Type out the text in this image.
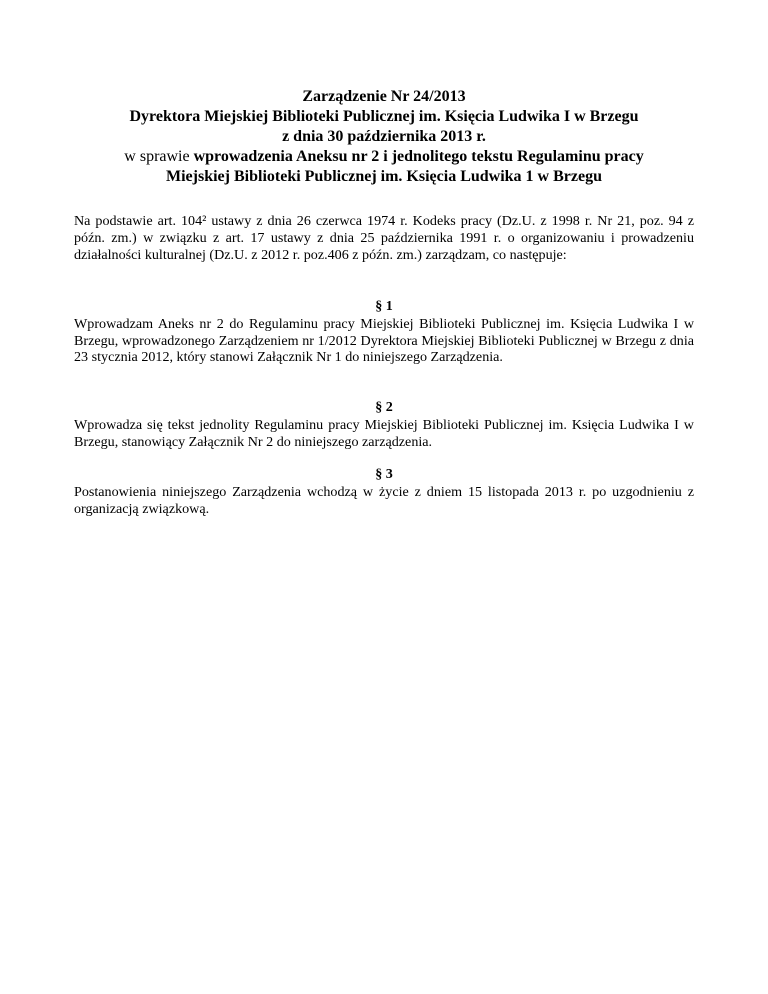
Zarządzenie Nr 24/2013
Dyrektora Miejskiej Biblioteki Publicznej im. Księcia Ludwika I w Brzegu
z dnia 30 października 2013 r.
w sprawie wprowadzenia Aneksu nr 2 i jednolitego tekstu Regulaminu pracy
Miejskiej Biblioteki Publicznej im. Księcia Ludwika 1 w Brzegu

Na podstawie art. 104² ustawy z dnia 26 czerwca 1974 r. Kodeks pracy (Dz.U. z 1998 r. Nr 21, poz. 94 z późn. zm.) w związku z art. 17 ustawy z dnia 25 października 1991 r. o organizowaniu i prowadzeniu działalności kulturalnej (Dz.U. z 2012 r. poz.406 z późn. zm.) zarządzam, co następuje:

§ 1

Wprowadzam Aneks nr 2 do Regulaminu pracy Miejskiej Biblioteki Publicznej im. Księcia Ludwika I w Brzegu, wprowadzonego Zarządzeniem nr 1/2012 Dyrektora Miejskiej Biblioteki Publicznej w Brzegu z dnia 23 stycznia 2012, który stanowi Załącznik Nr 1 do niniejszego Zarządzenia.

§ 2

Wprowadza się tekst jednolity Regulaminu pracy Miejskiej Biblioteki Publicznej im. Księcia Ludwika I w Brzegu, stanowiący Załącznik Nr 2 do niniejszego zarządzenia.

§ 3

Postanowienia niniejszego Zarządzenia wchodzą w życie z dniem 15 listopada 2013 r. po uzgodnieniu z organizacją związkową.
